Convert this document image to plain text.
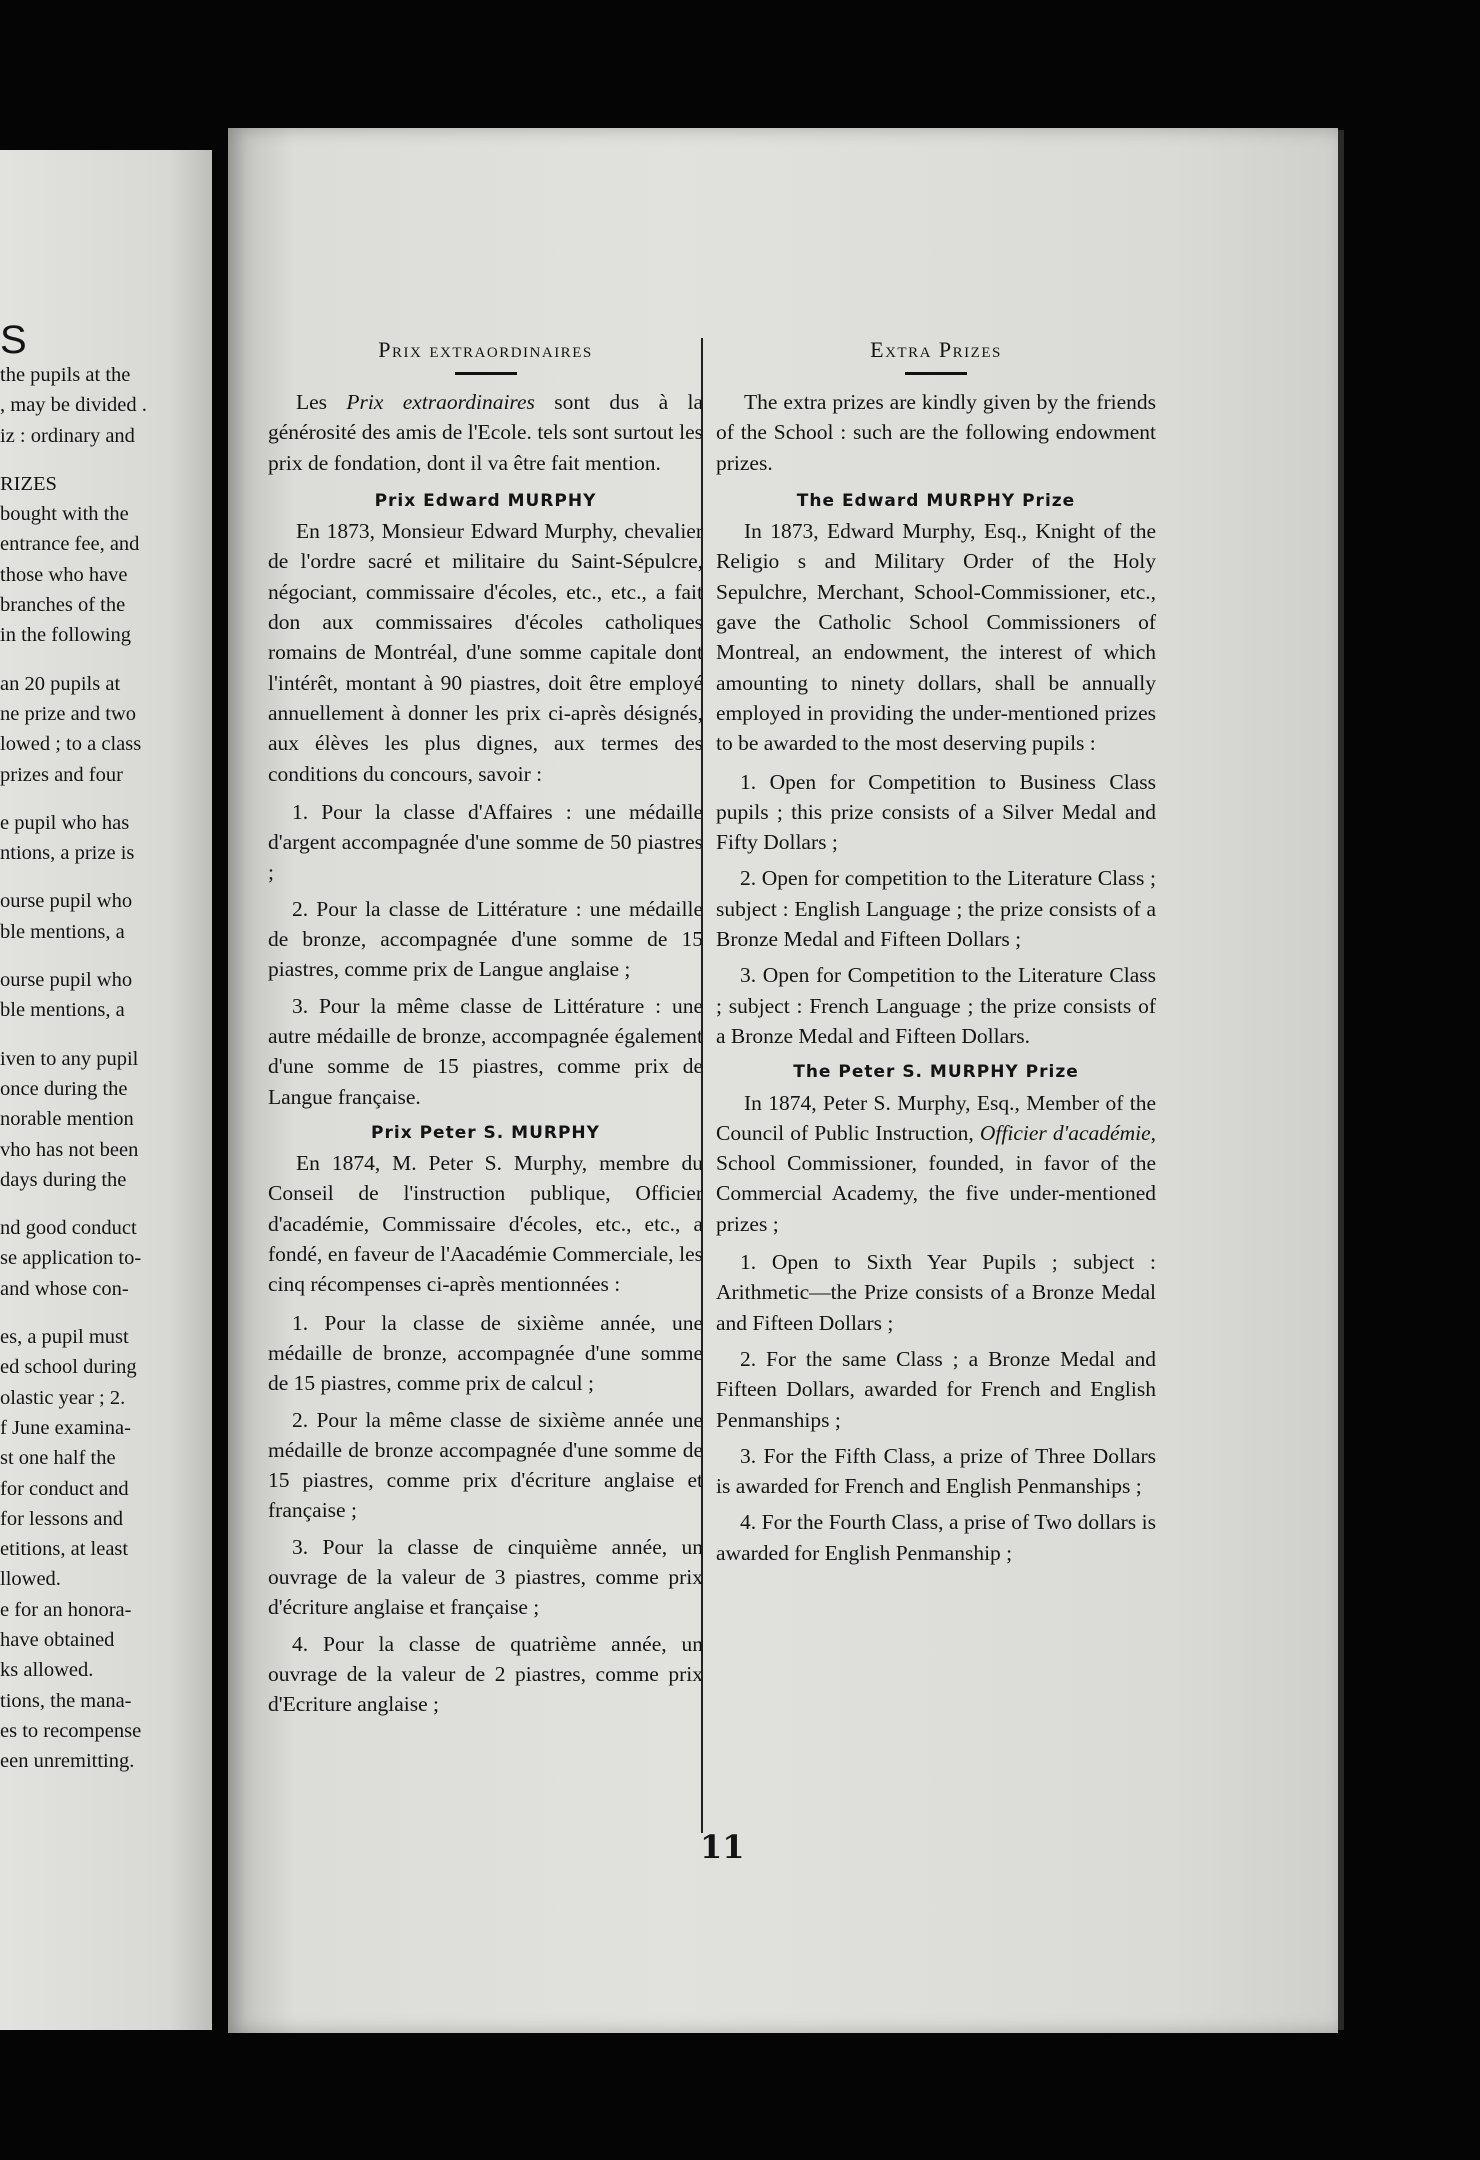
S
the pupils at the
, may be divided .
iz : ordinary and
RIZES
bought with the
entrance fee, and
those who have
branches of the
in the following
an 20 pupils at
ne prize and two
lowed ; to a class
prizes and four
e pupil who has
ntions, a prize is
ourse pupil who
ble mentions, a
ourse pupil who
ble mentions, a
iven to any pupil
once during the
norable mention
vho has not been
days during the
nd good conduct
se application to-
and whose con-
es, a pupil must
ed school during
olastic year ; 2.
f June examina-
st one half the
for conduct and
for lessons and
etitions, at least
llowed.
e for an honora-
have obtained
ks allowed.
tions, the mana-
es to recompense
een unremitting.
Prix extraordinaires

Les Prix extraordinaires sont dus à la générosité des amis de l'Ecole. tels sont surtout les prix de fondation, dont il va être fait mention.

Prix Edward MURPHY

En 1873, Monsieur Edward Murphy, chevalier de l'ordre sacré et militaire du Saint-Sépulcre, négociant, commissaire d'écoles, etc., etc., a fait don aux commissaires d'écoles catholiques romains de Montréal, d'une somme capitale dont l'intérêt, montant à 90 piastres, doit être employé annuellement à donner les prix ci-après désignés, aux élèves les plus dignes, aux termes des conditions du concours, savoir :

1. Pour la classe d'Affaires : une médaille d'argent accompagnée d'une somme de 50 piastres ;

2. Pour la classe de Littérature : une médaille de bronze, accompagnée d'une somme de 15 piastres, comme prix de Langue anglaise ;

3. Pour la même classe de Littérature : une autre médaille de bronze, accompagnée également d'une somme de 15 piastres, comme prix de Langue française.

Prix Peter S. MURPHY

En 1874, M. Peter S. Murphy, membre du Conseil de l'instruction publique, Officier d'académie, Commissaire d'écoles, etc., etc., a fondé, en faveur de l'Aacadémie Commerciale, les cinq récompenses ci-après mentionnées :

1. Pour la classe de sixième année, une médaille de bronze, accompagnée d'une somme de 15 piastres, comme prix de calcul ;

2. Pour la même classe de sixième année une médaille de bronze accompagnée d'une somme de 15 piastres, comme prix d'écriture anglaise et française ;

3. Pour la classe de cinquième année, un ouvrage de la valeur de 3 piastres, comme prix d'écriture anglaise et française ;

4. Pour la classe de quatrième année, un ouvrage de la valeur de 2 piastres, comme prix d'Ecriture anglaise ;

Extra Prizes

The extra prizes are kindly given by the friends of the School : such are the following endowment prizes.

The Edward MURPHY Prize

In 1873, Edward Murphy, Esq., Knight of the Religio s and Military Order of the Holy Sepulchre, Merchant, School-Commissioner, etc., gave the Catholic School Commissioners of Montreal, an endowment, the interest of which amounting to ninety dollars, shall be annually employed in providing the under-mentioned prizes to be awarded to the most deserving pupils :

1. Open for Competition to Business Class pupils ; this prize consists of a Silver Medal and Fifty Dollars ;

2. Open for competition to the Literature Class ; subject : English Language ; the prize consists of a Bronze Medal and Fifteen Dollars ;

3. Open for Competition to the Literature Class ; subject : French Language ; the prize consists of a Bronze Medal and Fifteen Dollars.

The Peter S. MURPHY Prize

In 1874, Peter S. Murphy, Esq., Member of the Council of Public Instruction, Officier d'académie, School Commissioner, founded, in favor of the Commercial Academy, the five under-mentioned prizes ;

1. Open to Sixth Year Pupils ; subject : Arithmetic—the Prize consists of a Bronze Medal and Fifteen Dollars ;

2. For the same Class ; a Bronze Medal and Fifteen Dollars, awarded for French and English Penmanships ;

3. For the Fifth Class, a prize of Three Dollars is awarded for French and English Penmanships ;

4. For the Fourth Class, a prise of Two dollars is awarded for English Penmanship ;

11
